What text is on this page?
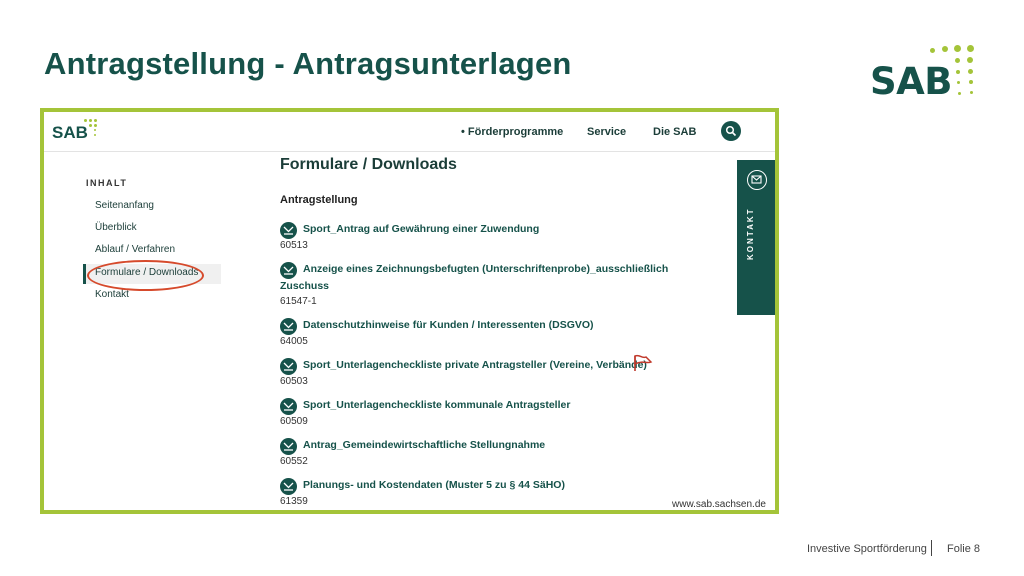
Antragstellung - Antragsunterlagen	SAB
SAB	• Förderprogramme Service Die SAB
INHALT
Seitenanfang
Überblick
Ablauf / Verfahren
Formulare / Downloads
Kontakt
Formulare / Downloads
Antragstellung
Sport_Antrag auf Gewährung einer Zuwendung
60513
Anzeige eines Zeichnungsbefugten (Unterschriftenprobe)_ausschließlich
Zuschuss
61547-1
Datenschutzhinweise für Kunden / Interessenten (DSGVO)
64005
Sport_Unterlagencheckliste private Antragsteller (Vereine, Verbände)
60503
Sport_Unterlagencheckliste kommunale Antragsteller
60509
Antrag_Gemeindewirtschaftliche Stellungnahme
60552
Planungs- und Kostendaten (Muster 5 zu § 44 SäHO)
61359
KONTAKT
www.sab.sachsen.de
Investive Sportförderung Folie 8
